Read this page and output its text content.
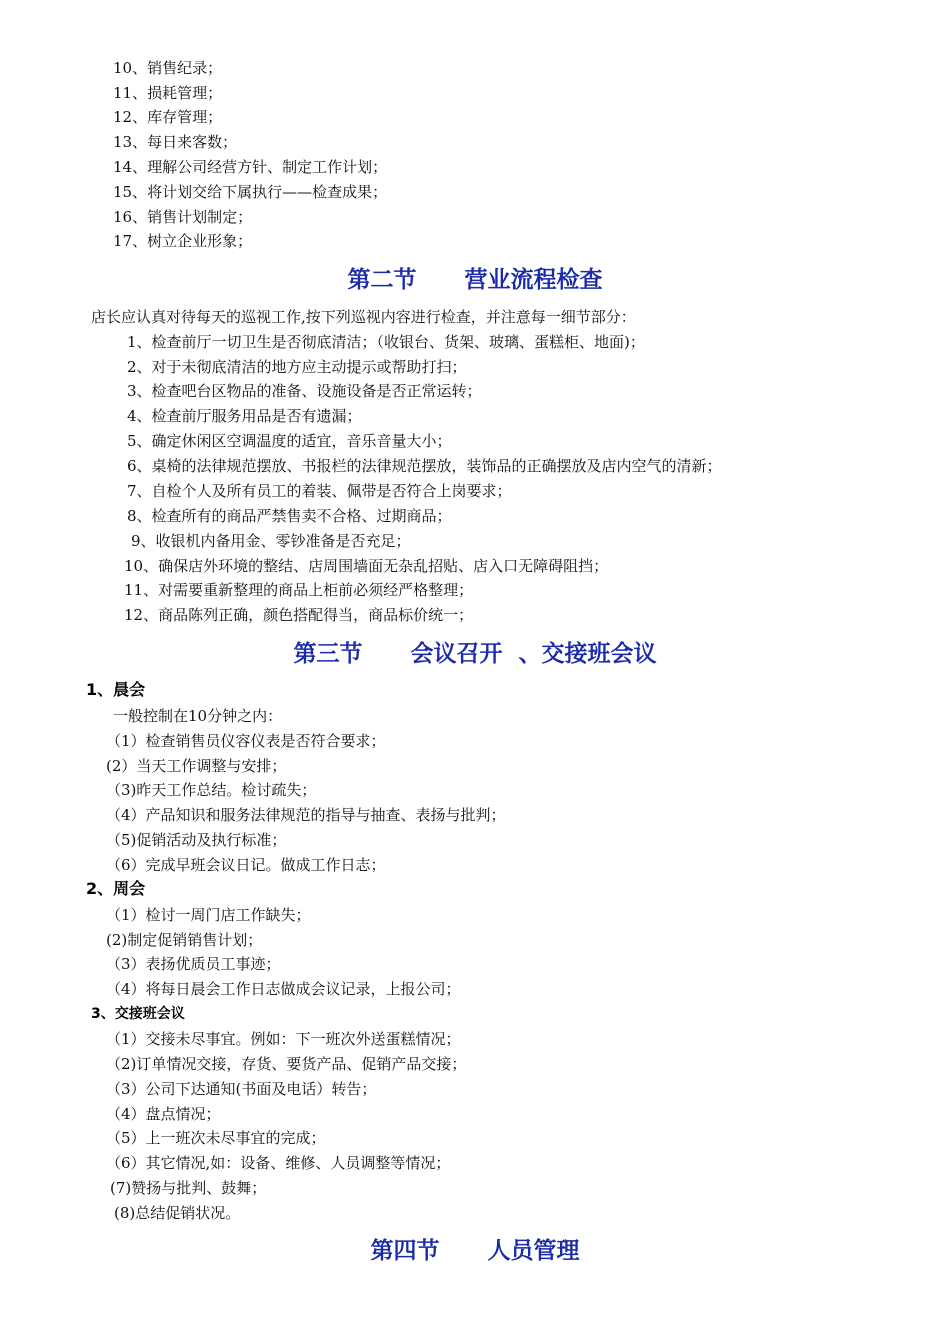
10、销售纪录；
11、损耗管理；
12、库存管理；
13、每日来客数；
14、理解公司经营方针、制定工作计划；
15、将计划交给下属执行——检查成果；
16、销售计划制定；
17、树立企业形象；
第二节      营业流程检查
店长应认真对待每天的巡视工作,按下列巡视内容进行检查，并注意每一细节部分：
1、检查前厅一切卫生是否彻底清洁；（收银台、货架、玻璃、蛋糕柜、地面)；
2、对于未彻底清洁的地方应主动提示或帮助打扫；
3、检查吧台区物品的准备、设施设备是否正常运转；
4、检查前厅服务用品是否有遗漏；
5、确定休闲区空调温度的适宜，音乐音量大小；
6、桌椅的法律规范摆放、书报栏的法律规范摆放，装饰品的正确摆放及店内空气的清新；
7、自检个人及所有员工的着装、佩带是否符合上岗要求；
8、检查所有的商品严禁售卖不合格、过期商品；
9、收银机内备用金、零钞准备是否充足；
10、确保店外环境的整结、店周围墙面无杂乱招贴、店入口无障碍阻挡；
11、对需要重新整理的商品上柜前必须经严格整理；
12、商品陈列正确，颜色搭配得当，商品标价统一；
第三节      会议召开  、交接班会议
1、晨会
一般控制在10分钟之内：
（1）检查销售员仪容仪表是否符合要求；
(2）当天工作调整与安排；
（3)昨天工作总结。检讨疏失；
（4）产品知识和服务法律规范的指导与抽查、表扬与批判；
（5)促销活动及执行标准；
（6）完成早班会议日记。做成工作日志；
2、周会
（1）检讨一周门店工作缺失；
(2)制定促销销售计划；
（3）表扬优质员工事迹；
（4）将每日晨会工作日志做成会议记录，上报公司；
3、交接班会议
（1）交接未尽事宜。例如：下一班次外送蛋糕情况；
（2)订单情况交接，存货、要货产品、促销产品交接；
（3）公司下达通知(书面及电话）转告；
（4）盘点情况；
（5）上一班次未尽事宜的完成；
（6）其它情况,如：设备、维修、人员调整等情况；
(7)赞扬与批判、鼓舞；
(8)总结促销状况。
第四节      人员管理
